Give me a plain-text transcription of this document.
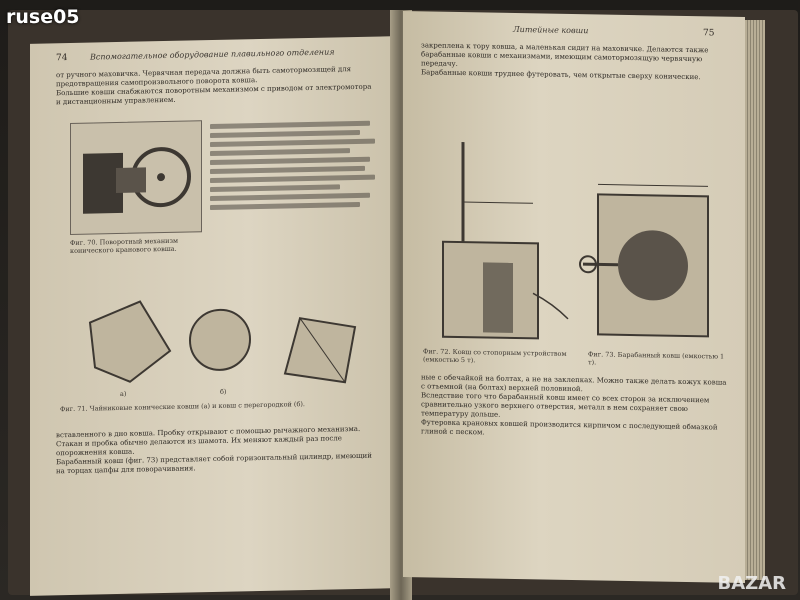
74	Вспомогательное оборудование плавильного отделения
от ручного маховичка. Червячная передача должна быть самотормозящей для предотвращения самопроизвольного поворота ковша.
Большие ковши снабжаются поворотным механизмом с приводом от электромотора и дистанционным управлением.
Фиг. 70. Поворотный механизм конического кранового ковша.
а)	б)
Фиг. 71. Чайниковые конические ковши (а) и ковш с перегородкой (б).
вставленного в дно ковша. Пробку открывают с помощью рычажного механизма. Стакан и пробка обычно делаются из шамота. Их меняют каждый раз после опорожнения ковша.
Барабанный ковш (фиг. 73) представляет собой горизонтальный цилиндр, имеющий на торцах цапфы для поворачивания.
Литейные ковши	75
закреплена к тору ковша, а маленькая сидит на маховичке. Делаются также барабанные ковши с механизмами, имеющим самотормозящую червячную передачу.
Барабанные ковши труднее футеровать, чем открытые сверху конические.
Фиг. 72. Ковш со стопорным устройством (емкостью 5 т).	Фиг. 73. Барабанный ковш (емкостью 1 т).
ные с обечайкой на болтах, а не на заклепках. Можно также делать кожух ковша с отъемной (на болтах) верхней половиной.
Вследствие того что барабанный ковш имеет со всех сторон за исключением сравнительно узкого верхнего отверстия, металл в нем сохраняет свою температуру дольше.
Футеровка крановых ковшей производится кирпичом с последующей обмазкой глиной с песком.
ruse05
BAZAR
